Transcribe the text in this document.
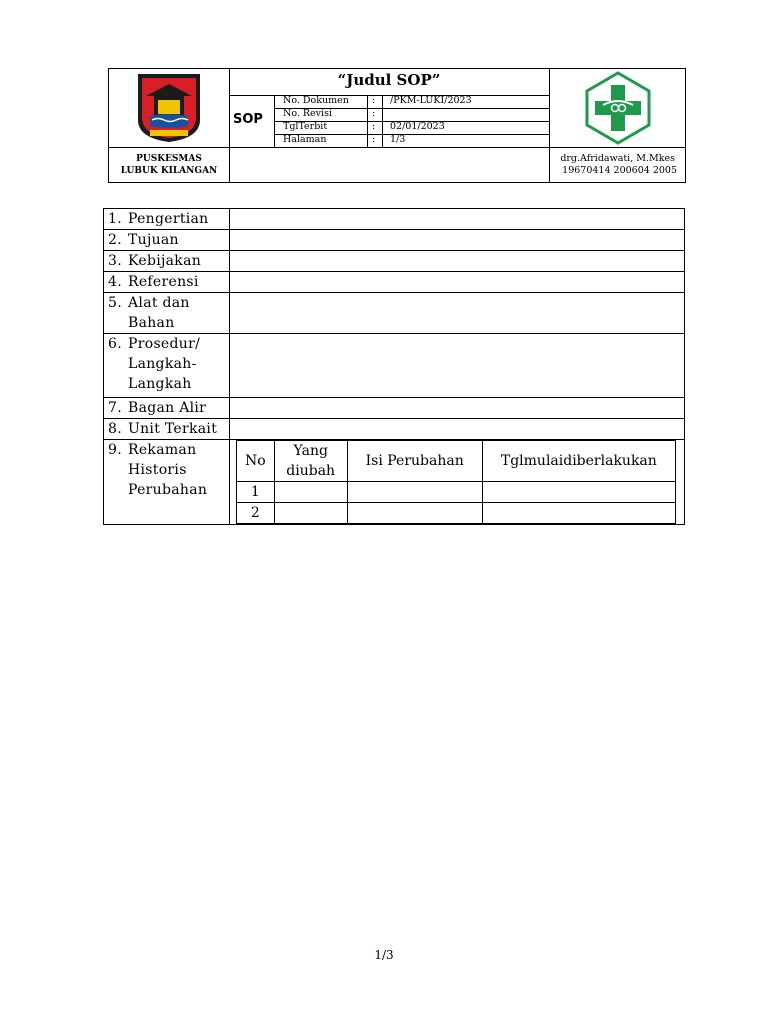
“Judul SOP”
SOP
No. Dokumen : /PKM-LUKI/2023
No. Revisi	:
TglTerbit	: 02/01/2023
Halaman	: 1/3
PUSKESMAS
LUBUK KILANGAN
drg.Afridawati, M.Mkes
19670414 200604 2005
1. Pengertian

2. Tujuan

3. Kebijakan

4. Referensi

5. Alat dan Bahan

6. Prosedur/ Langkah-Langkah

7. Bagan Alir

8. Unit Terkait

9. Rekaman Historis Perubahan

No	Yang diubah	Isi Perubahan	Tglmulaidiberlakukan
1			
2			
1/3
